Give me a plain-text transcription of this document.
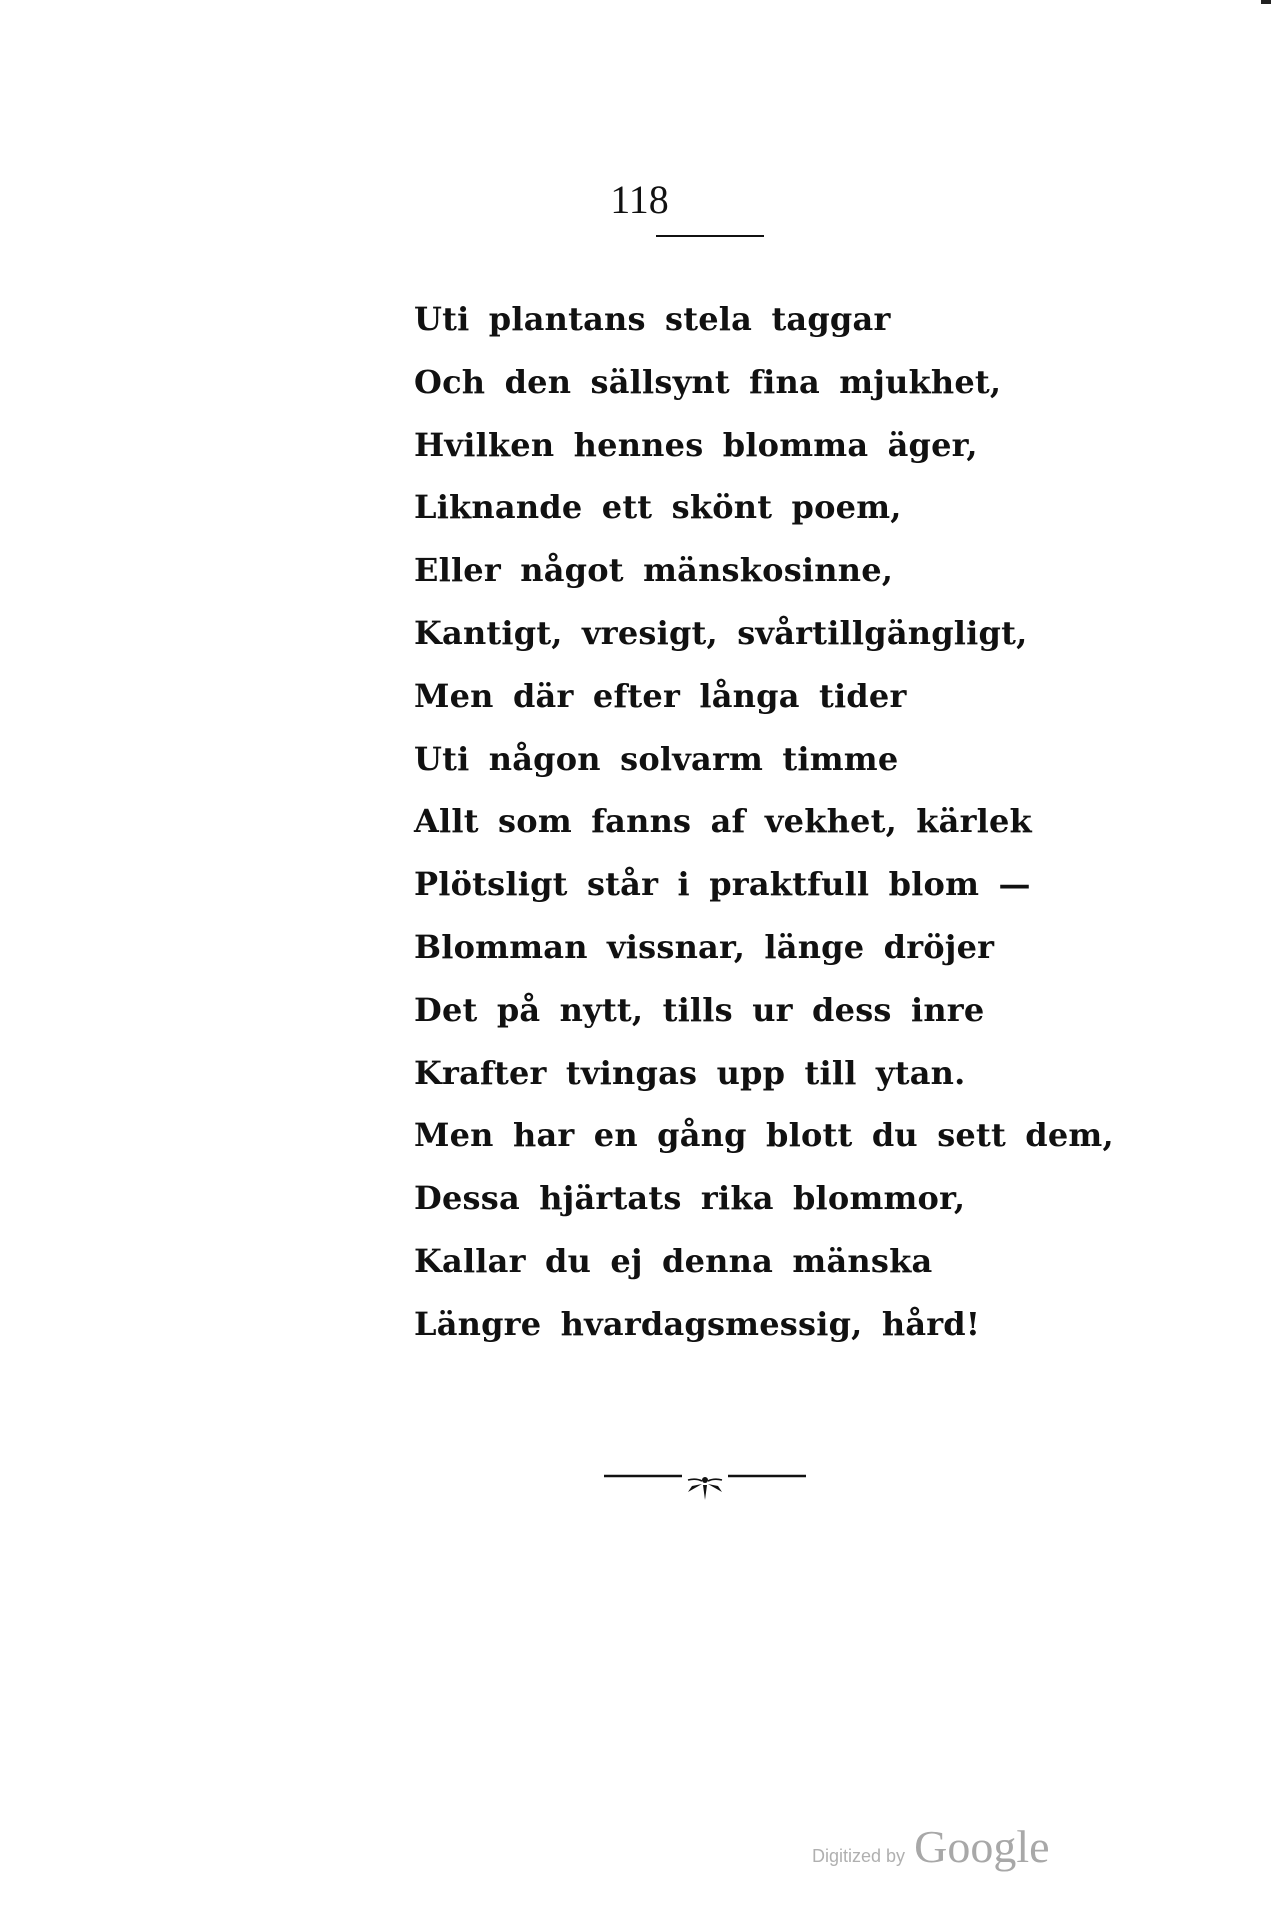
118
Uti plantans stela taggar
Och den sällsynt fina mjukhet,
Hvilken hennes blomma äger,
Liknande ett skönt poem,
Eller något mänskosinne,
Kantigt, vresigt, svårtillgängligt,
Men där efter långa tider
Uti någon solvarm timme
Allt som fanns af vekhet, kärlek
Plötsligt står i praktfull blom —
Blomman vissnar, länge dröjer
Det på nytt, tills ur dess inre
Krafter tvingas upp till ytan.
Men har en gång blott du sett dem,
Dessa hjärtats rika blommor,
Kallar du ej denna mänska
Längre hvardagsmessig, hård!
Digitized by Google
